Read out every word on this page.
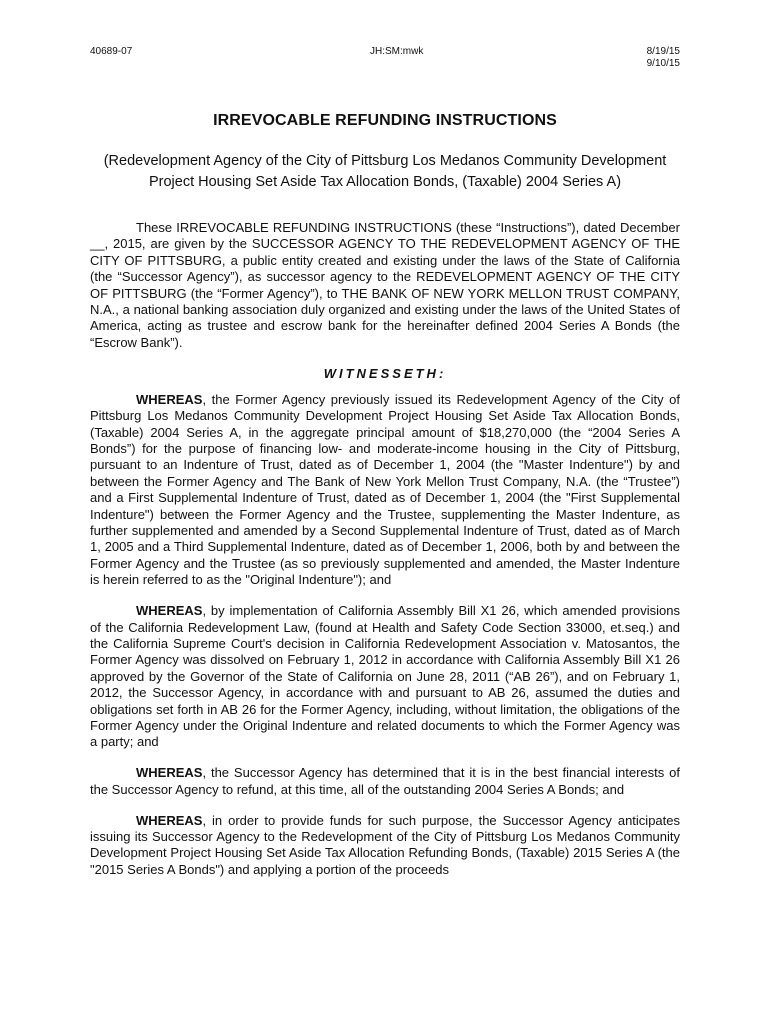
40689-07	JH:SM:mwk	8/19/15
9/10/15
IRREVOCABLE REFUNDING INSTRUCTIONS
(Redevelopment Agency of the City of Pittsburg Los Medanos Community Development Project Housing Set Aside Tax Allocation Bonds, (Taxable) 2004 Series A)

These IRREVOCABLE REFUNDING INSTRUCTIONS (these “Instructions”), dated December __, 2015, are given by the SUCCESSOR AGENCY TO THE REDEVELOPMENT AGENCY OF THE CITY OF PITTSBURG, a public entity created and existing under the laws of the State of California (the “Successor Agency”), as successor agency to the REDEVELOPMENT AGENCY OF THE CITY OF PITTSBURG (the “Former Agency”), to THE BANK OF NEW YORK MELLON TRUST COMPANY, N.A., a national banking association duly organized and existing under the laws of the United States of America, acting as trustee and escrow bank for the hereinafter defined 2004 Series A Bonds (the “Escrow Bank”).

WITNESSETH:

WHEREAS, the Former Agency previously issued its Redevelopment Agency of the City of Pittsburg Los Medanos Community Development Project Housing Set Aside Tax Allocation Bonds, (Taxable) 2004 Series A, in the aggregate principal amount of $18,270,000 (the “2004 Series A Bonds”) for the purpose of financing low- and moderate-income housing in the City of Pittsburg, pursuant to an Indenture of Trust, dated as of December 1, 2004 (the "Master Indenture") by and between the Former Agency and The Bank of New York Mellon Trust Company, N.A. (the “Trustee”) and a First Supplemental Indenture of Trust, dated as of December 1, 2004 (the "First Supplemental Indenture") between the Former Agency and the Trustee, supplementing the Master Indenture, as further supplemented and amended by a Second Supplemental Indenture of Trust, dated as of March 1, 2005 and a Third Supplemental Indenture, dated as of December 1, 2006, both by and between the Former Agency and the Trustee (as so previously supplemented and amended, the Master Indenture is herein referred to as the "Original Indenture"); and

WHEREAS, by implementation of California Assembly Bill X1 26, which amended provisions of the California Redevelopment Law, (found at Health and Safety Code Section 33000, et.seq.) and the California Supreme Court's decision in California Redevelopment Association v. Matosantos, the Former Agency was dissolved on February 1, 2012 in accordance with California Assembly Bill X1 26 approved by the Governor of the State of California on June 28, 2011 (“AB 26”), and on February 1, 2012, the Successor Agency, in accordance with and pursuant to AB 26, assumed the duties and obligations set forth in AB 26 for the Former Agency, including, without limitation, the obligations of the Former Agency under the Original Indenture and related documents to which the Former Agency was a party; and

WHEREAS, the Successor Agency has determined that it is in the best financial interests of the Successor Agency to refund, at this time, all of the outstanding 2004 Series A Bonds; and

WHEREAS, in order to provide funds for such purpose, the Successor Agency anticipates issuing its Successor Agency to the Redevelopment of the City of Pittsburg Los Medanos Community Development Project Housing Set Aside Tax Allocation Refunding Bonds, (Taxable) 2015 Series A (the "2015 Series A Bonds") and applying a portion of the proceeds
